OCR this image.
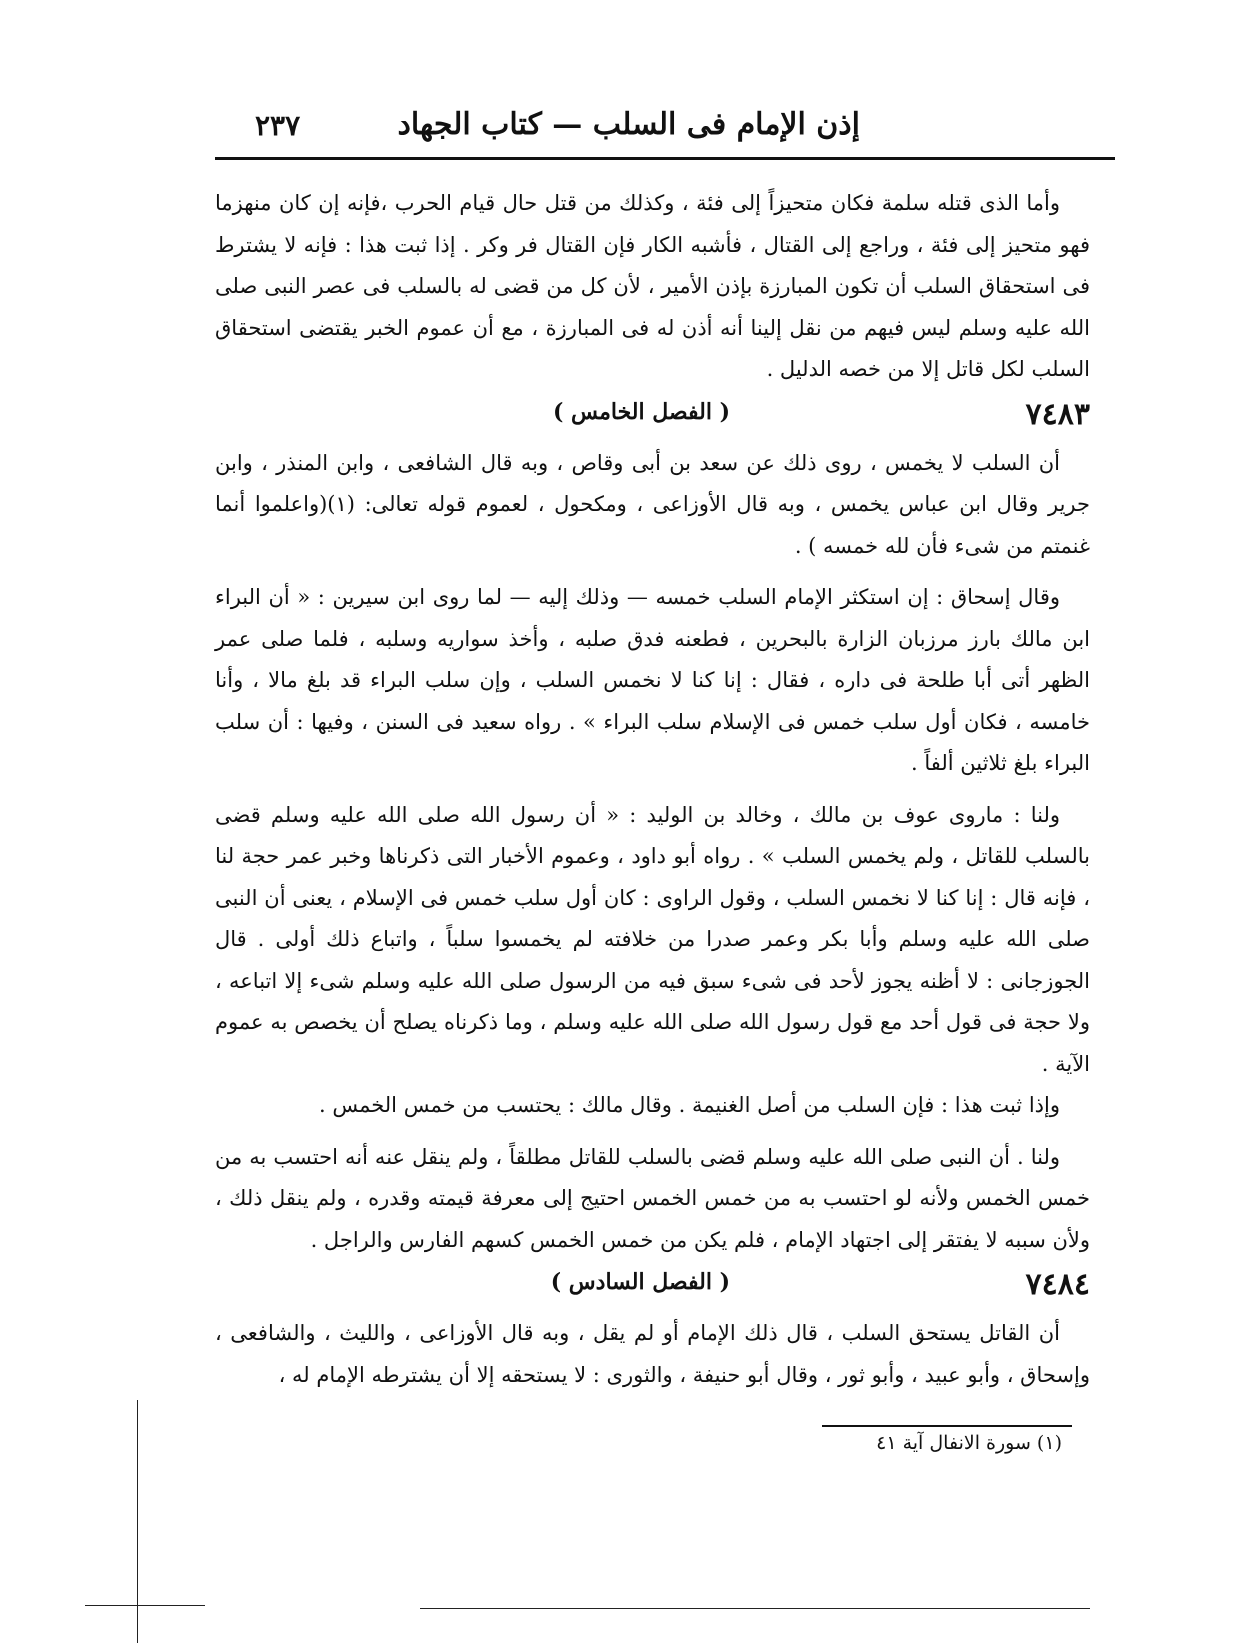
إذن الإمام فى السلب — كتاب الجهاد
٢٣٧

وأما الذى قتله سلمة فكان متحيزاً إلى فئة ، وكذلك من قتل حال قيام الحرب ،فإنه إن كان منهزما فهو متحيز إلى فئة ، وراجع إلى القتال ، فأشبه الكار فإن القتال فر وكر . إذا ثبت هذا : فإنه لا يشترط فى استحقاق السلب أن تكون المبارزة بإذن الأمير ، لأن كل من قضى له بالسلب فى عصر النبى صلى الله عليه وسلم ليس فيهم من نقل إلينا أنه أذن له فى المبارزة ، مع أن عموم الخبر يقتضى استحقاق السلب لكل قاتل إلا من خصه الدليل .

٧٤٨٣
( الفصل الخامس )

أن السلب لا يخمس ، روى ذلك عن سعد بن أبى وقاص ، وبه قال الشافعى ، وابن المنذر ، وابن جرير وقال ابن عباس يخمس ، وبه قال الأوزاعى ، ومكحول ، لعموم قوله تعالى: (١)(واعلموا أنما غنمتم من شىء فأن لله خمسه ) .

وقال إسحاق : إن استكثر الإمام السلب خمسه — وذلك إليه — لما روى ابن سيرين : « أن البراء ابن مالك بارز مرزبان الزارة بالبحرين ، فطعنه فدق صلبه ، وأخذ سواريه وسلبه ، فلما صلى عمر الظهر أتى أبا طلحة فى داره ، فقال : إنا كنا لا نخمس السلب ، وإن سلب البراء قد بلغ مالا ، وأنا خامسه ، فكان أول سلب خمس فى الإسلام سلب البراء » . رواه سعيد فى السنن ، وفيها : أن سلب البراء بلغ ثلاثين ألفاً .

ولنا : ماروى عوف بن مالك ، وخالد بن الوليد : « أن رسول الله صلى الله عليه وسلم قضى بالسلب للقاتل ، ولم يخمس السلب » . رواه أبو داود ، وعموم الأخبار التى ذكرناها وخبر عمر حجة لنا ، فإنه قال : إنا كنا لا نخمس السلب ، وقول الراوى : كان أول سلب خمس فى الإسلام ، يعنى أن النبى صلى الله عليه وسلم وأبا بكر وعمر صدرا من خلافته لم يخمسوا سلباً ، واتباع ذلك أولى . قال الجوزجانى : لا أظنه يجوز لأحد فى شىء سبق فيه من الرسول صلى الله عليه وسلم شىء إلا اتباعه ، ولا حجة فى قول أحد مع قول رسول الله صلى الله عليه وسلم ، وما ذكرناه يصلح أن يخصص به عموم الآية .

وإذا ثبت هذا : فإن السلب من أصل الغنيمة . وقال مالك : يحتسب من خمس الخمس .

ولنا . أن النبى صلى الله عليه وسلم قضى بالسلب للقاتل مطلقاً ، ولم ينقل عنه أنه احتسب به من خمس الخمس ولأنه لو احتسب به من خمس الخمس احتيج إلى معرفة قيمته وقدره ، ولم ينقل ذلك ، ولأن سببه لا يفتقر إلى اجتهاد الإمام ، فلم يكن من خمس الخمس كسهم الفارس والراجل .

٧٤٨٤
( الفصل السادس )

أن القاتل يستحق السلب ، قال ذلك الإمام أو لم يقل ، وبه قال الأوزاعى ، والليث ، والشافعى ، وإسحاق ، وأبو عبيد ، وأبو ثور ، وقال أبو حنيفة ، والثورى : لا يستحقه إلا أن يشترطه الإمام له ،

(١) سورة الانفال آية ٤١
